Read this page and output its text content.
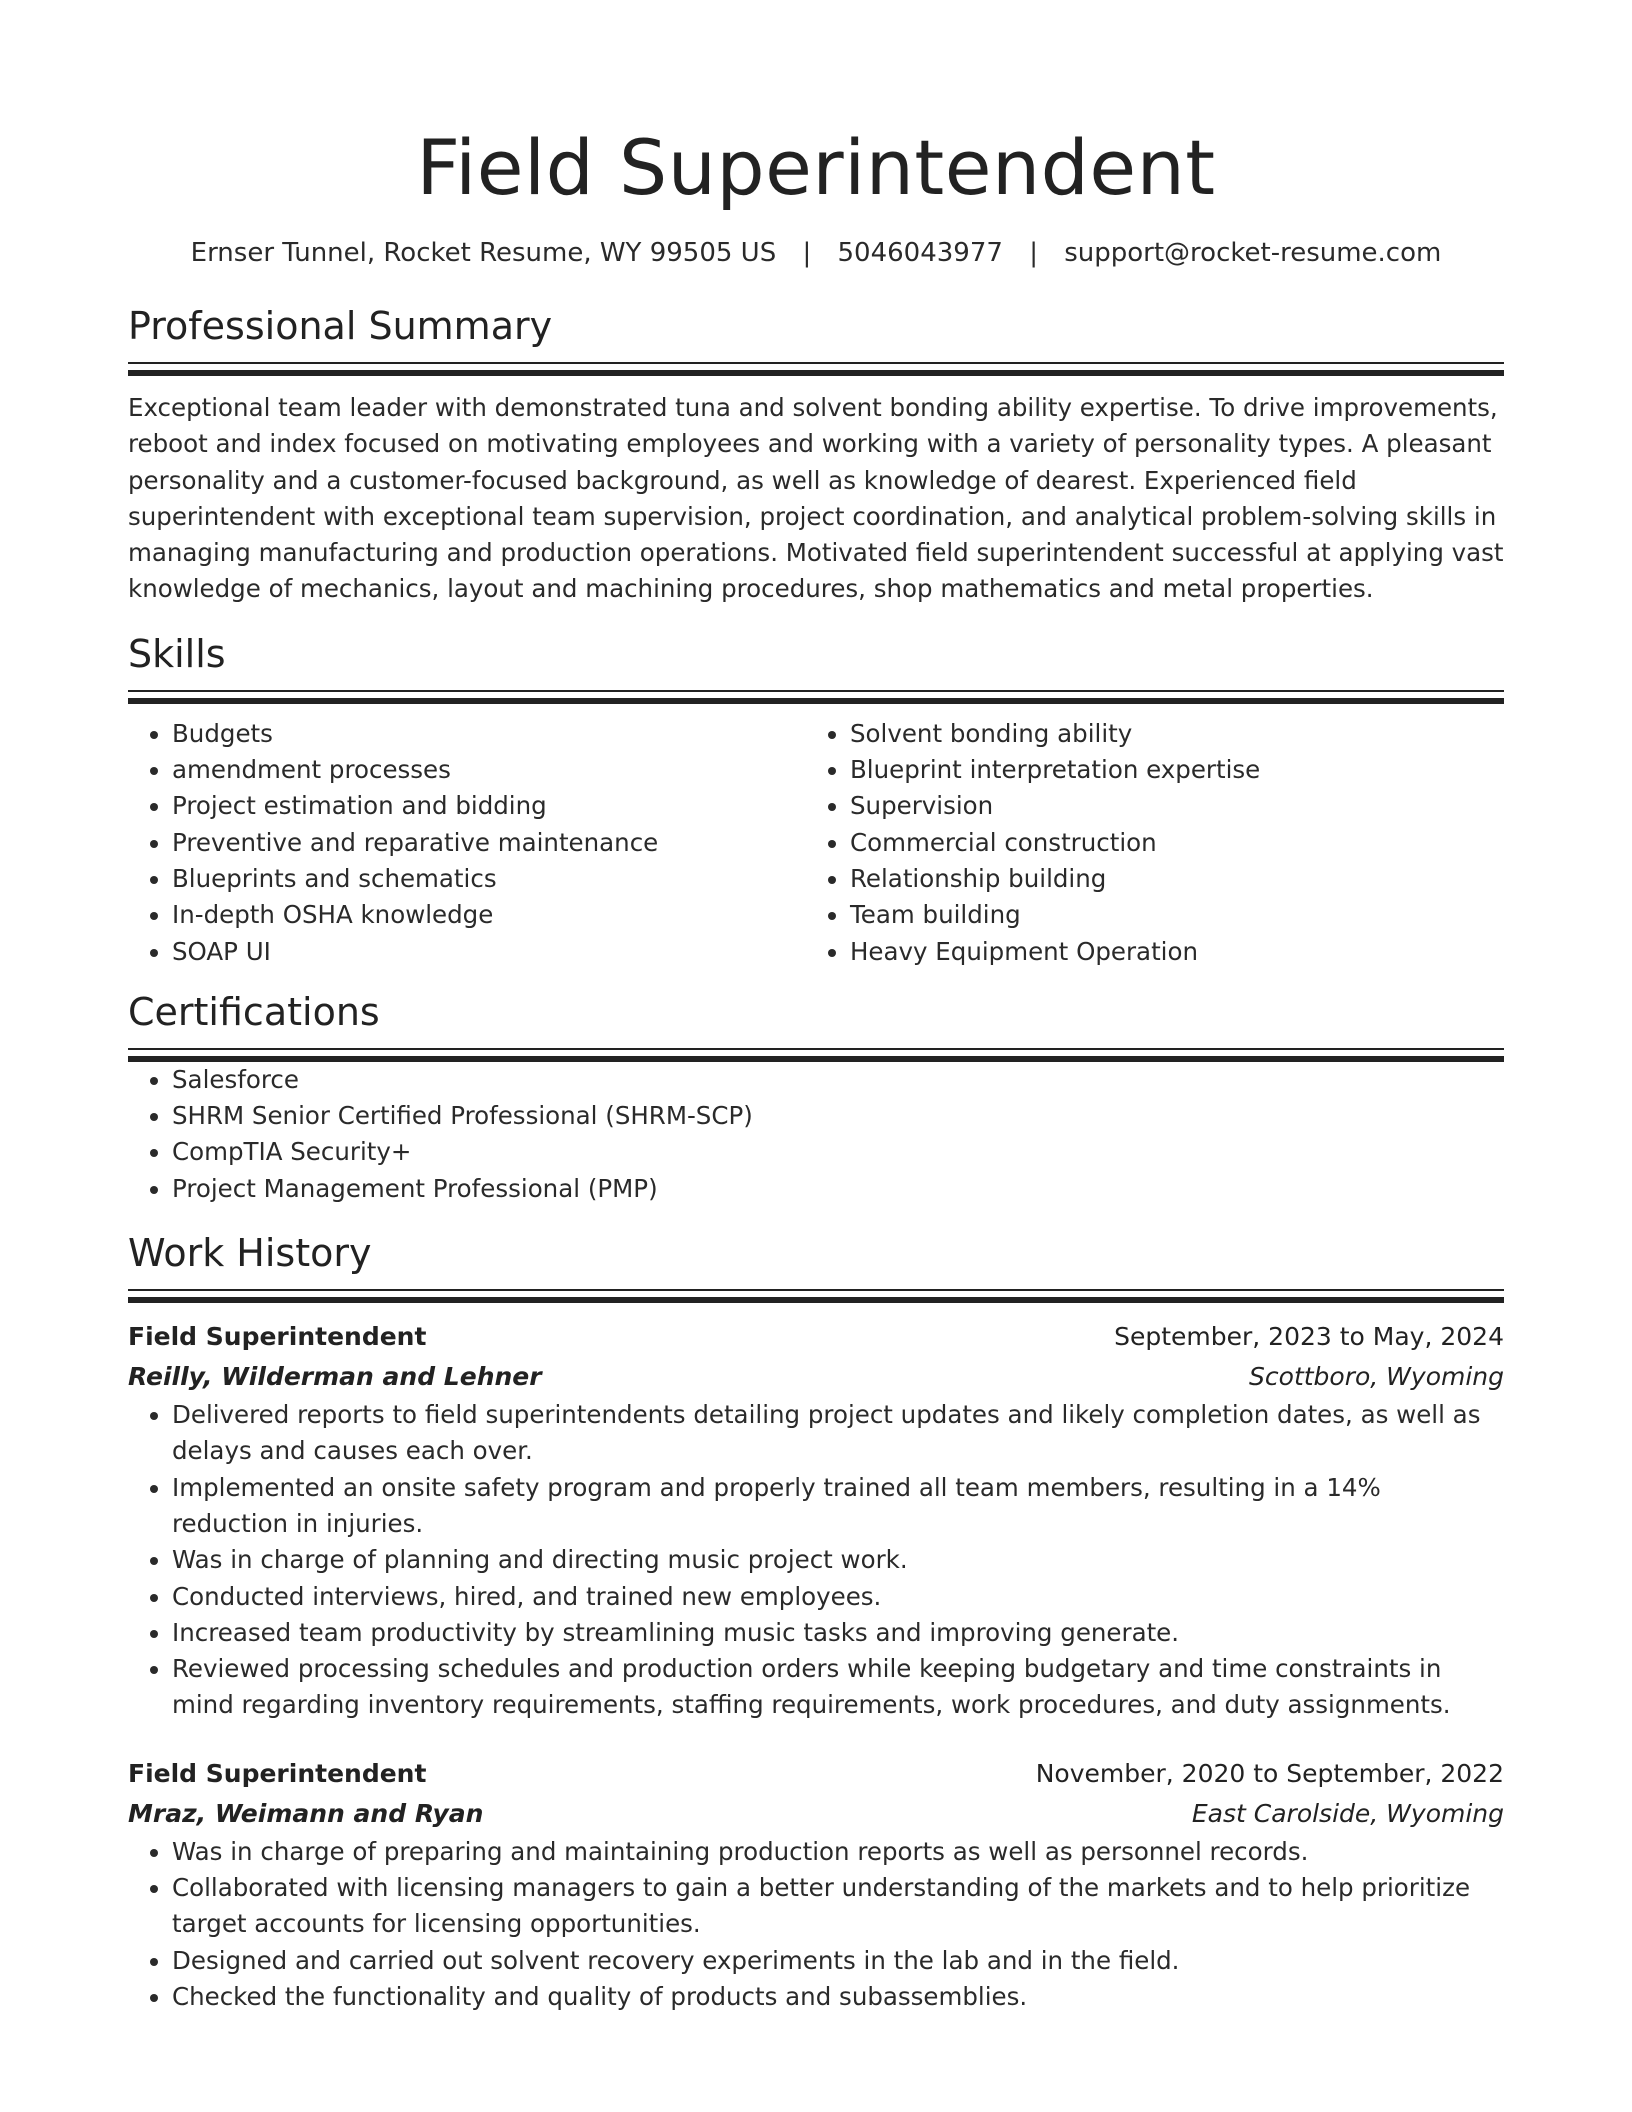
Field Superintendent
Ernser Tunnel, Rocket Resume, WY 99505 US | 5046043977 | support@rocket-resume.com
Professional Summary
Exceptional team leader with demonstrated tuna and solvent bonding ability expertise. To drive improvements, reboot and index focused on motivating employees and working with a variety of personality types. A pleasant personality and a customer-focused background, as well as knowledge of dearest. Experienced field superintendent with exceptional team supervision, project coordination, and analytical problem-solving skills in managing manufacturing and production operations. Motivated field superintendent successful at applying vast knowledge of mechanics, layout and machining procedures, shop mathematics and metal properties.
Skills
• Budgets
• amendment processes
• Project estimation and bidding
• Preventive and reparative maintenance
• Blueprints and schematics
• In-depth OSHA knowledge
• SOAP UI
• Solvent bonding ability
• Blueprint interpretation expertise
• Supervision
• Commercial construction
• Relationship building
• Team building
• Heavy Equipment Operation
Certifications
• Salesforce
• SHRM Senior Certified Professional (SHRM-SCP)
• CompTIA Security+
• Project Management Professional (PMP)
Work History
Field Superintendent	September, 2023 to May, 2024
Reilly, Wilderman and Lehner	Scottboro, Wyoming
• Delivered reports to field superintendents detailing project updates and likely completion dates, as well as delays and causes each over.
• Implemented an onsite safety program and properly trained all team members, resulting in a 14% reduction in injuries.
• Was in charge of planning and directing music project work.
• Conducted interviews, hired, and trained new employees.
• Increased team productivity by streamlining music tasks and improving generate.
• Reviewed processing schedules and production orders while keeping budgetary and time constraints in mind regarding inventory requirements, staffing requirements, work procedures, and duty assignments.
Field Superintendent	November, 2020 to September, 2022
Mraz, Weimann and Ryan	East Carolside, Wyoming
• Was in charge of preparing and maintaining production reports as well as personnel records.
• Collaborated with licensing managers to gain a better understanding of the markets and to help prioritize target accounts for licensing opportunities.
• Designed and carried out solvent recovery experiments in the lab and in the field.
• Checked the functionality and quality of products and subassemblies.
